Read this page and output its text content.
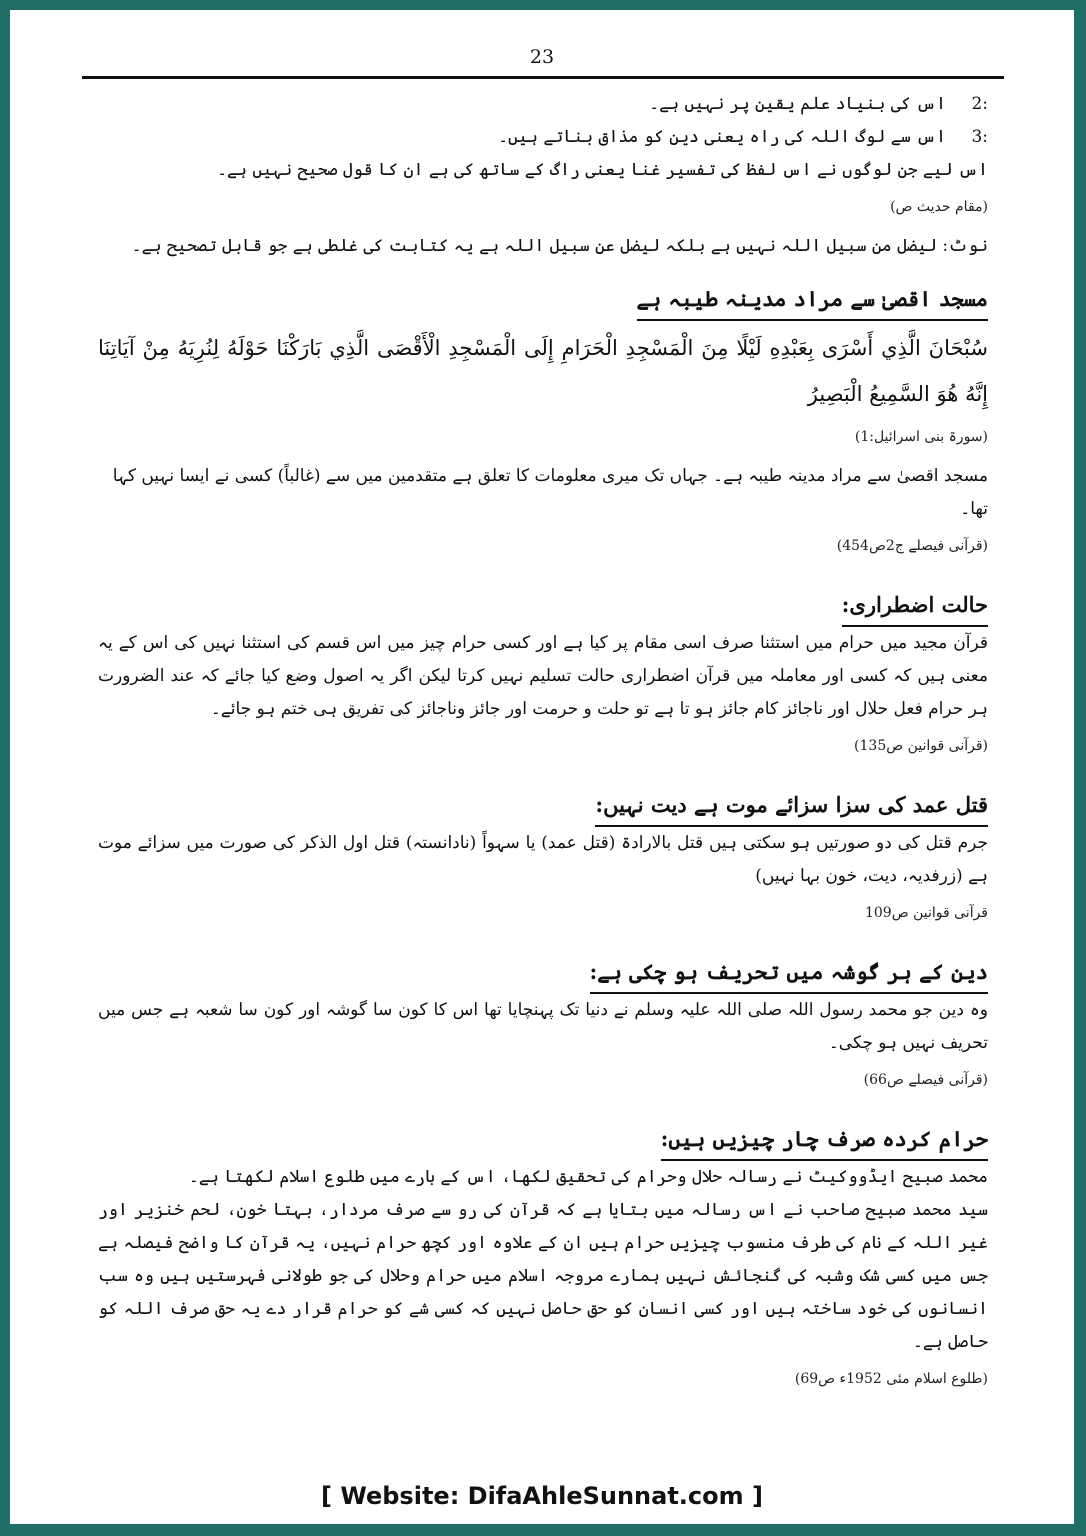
23
:2
اس کی بنیاد علم یقین پر نہیں ہے۔
:3
اس سے لوگ اللہ کی راہ یعنی دین کو مذاق بناتے ہیں۔

اس لیے جن لوگوں نے اس لفظ کی تفسیر غنا یعنی راگ کے ساتھ کی ہے ان کا قول صحیح نہیں ہے۔

(مقام حدیث ص)

نوٹ: لیضل من سبیل اللہ نہیں ہے بلکہ لیضل عن سبیل اللہ ہے یہ کتابت کی غلطی ہے جو قابل تصحیح ہے۔

مسجد اقصیٰ سے مراد مدینہ طیبہ ہے

سُبْحَانَ الَّذِي أَسْرَى بِعَبْدِهِ لَيْلًا مِنَ الْمَسْجِدِ الْحَرَامِ إِلَى الْمَسْجِدِ الْأَقْصَى الَّذِي بَارَكْنَا حَوْلَهُ لِنُرِيَهُ مِنْ آيَاتِنَا إِنَّهُ هُوَ السَّمِيعُ الْبَصِيرُ

(سورۃ بنی اسرائیل:1)

مسجد اقصیٰ سے مراد مدینہ طیبہ ہے۔ جہاں تک میری معلومات کا تعلق ہے متقدمین میں سے (غالباً) کسی نے ایسا نہیں کہا تھا۔

(قرآنی فیصلے ج2ص454)
حالت اضطراری:

قرآن مجید میں حرام میں استثنا صرف اسی مقام پر کیا ہے اور کسی حرام چیز میں اس قسم کی استثنا نہیں کی اس کے یہ معنی ہیں کہ کسی اور معاملہ میں قرآن اضطراری حالت تسلیم نہیں کرتا لیکن اگر یہ اصول وضع کیا جائے کہ عند الضرورت ہر حرام فعل حلال اور ناجائز کام جائز ہو تا ہے تو حلت و حرمت اور جائز وناجائز کی تفریق ہی ختم ہو جائے۔

(قرآنی قوانین ص135)
قتل عمد کی سزا سزائے موت ہے دیت نہیں:

جرم قتل کی دو صورتیں ہو سکتی ہیں قتل بالارادۃ (قتل عمد) یا سہواً (نادانستہ) قتل اول الذکر کی صورت میں سزائے موت ہے (زرفدیہ، دیت، خون بہا نہیں)

قرآنی قوانین ص109
دین کے ہر گوشہ میں تحریف ہو چکی ہے:

وہ دین جو محمد رسول اللہ صلی اللہ علیہ وسلم نے دنیا تک پہنچایا تھا اس کا کون سا گوشہ اور کون سا شعبہ ہے جس میں تحریف نہیں ہو چکی۔

(قرآنی فیصلے ص66)
حرام کردہ صرف چار چیزیں ہیں:

محمد صبیح ایڈووکیٹ نے رسالہ حلال وحرام کی تحقیق لکھا، اس کے بارے میں طلوع اسلام لکھتا ہے۔

سید محمد صبیح صاحب نے اس رسالہ میں بتایا ہے کہ قرآن کی رو سے صرف مردار، بہتا خون، لحم خنزیر اور غیر اللہ کے نام کی طرف منسوب چیزیں حرام ہیں ان کے علاوہ اور کچھ حرام نہیں، یہ قرآن کا واضح فیصلہ ہے جس میں کسی شک وشبہ کی گنجائش نہیں ہمارے مروجہ اسلام میں حرام وحلال کی جو طولانی فہرستیں ہیں وہ سب انسانوں کی خود ساختہ ہیں اور کسی انسان کو حق حاصل نہیں کہ کسی شے کو حرام قرار دے یہ حق صرف اللہ کو حاصل ہے۔

(طلوع اسلام مئی 1952ء ص69)
[ Website: DifaAhleSunnat.com ]
